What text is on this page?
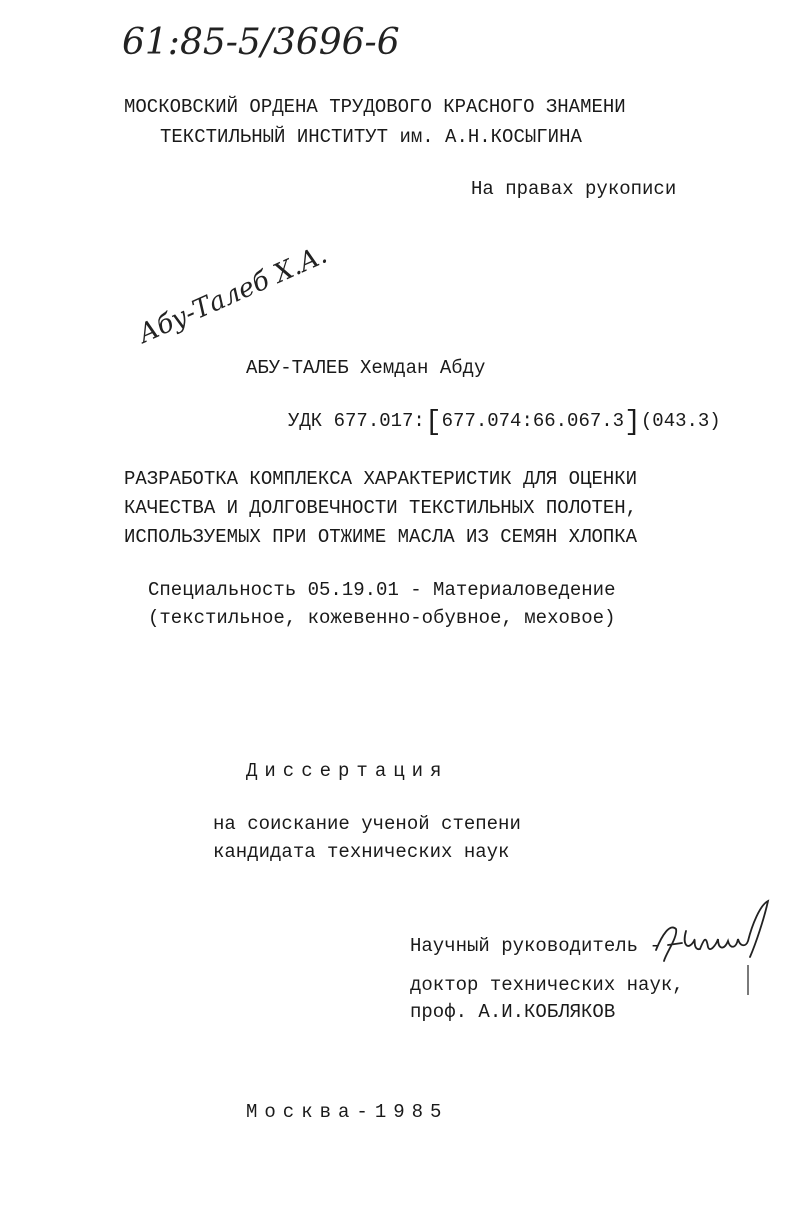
61:85-5/3696-6
МОСКОВСКИЙ ОРДЕНА ТРУДОВОГО КРАСНОГО ЗНАМЕНИ
ТЕКСТИЛЬНЫЙ ИНСТИТУТ им. А.Н.КОСЫГИНА
На правах рукописи
Абу-Талеб Х.А.
АБУ-ТАЛЕБ Хемдан Абду
УДК 677.017:[677.074:66.067.3](043.3)
РАЗРАБОТКА КОМПЛЕКСА ХАРАКТЕРИСТИК ДЛЯ ОЦЕНКИ
КАЧЕСТВА И ДОЛГОВЕЧНОСТИ ТЕКСТИЛЬНЫХ ПОЛОТЕН,
ИСПОЛЬЗУЕМЫХ ПРИ ОТЖИМЕ МАСЛА ИЗ СЕМЯН ХЛОПКА
Специальность 05.19.01 - Материаловедение
(текстильное, кожевенно-обувное, меховое)
Диссертация
на соискание ученой степени
кандидата технических наук
Научный руководитель -
доктор технических наук,
проф. А.И.КОБЛЯКОВ
Москва-1985
